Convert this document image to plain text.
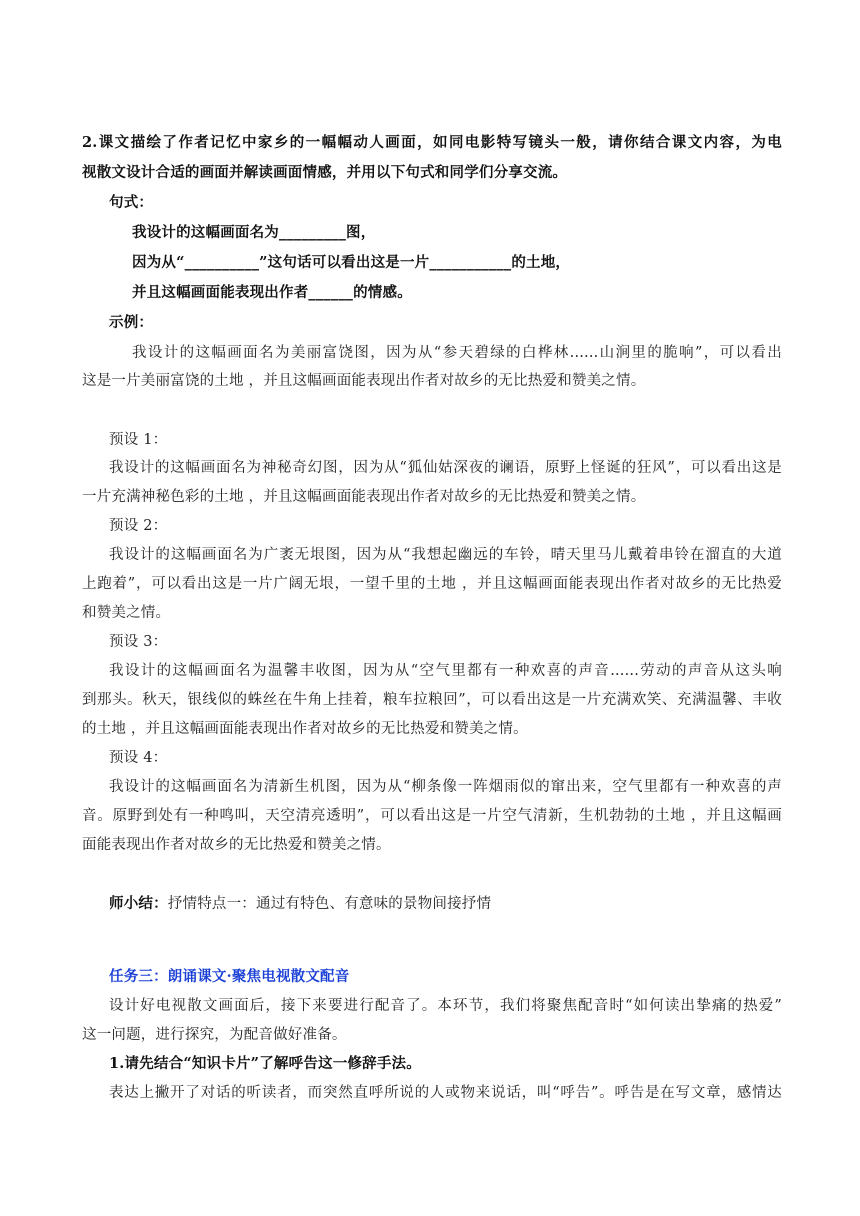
2.课文描绘了作者记忆中家乡的一幅幅动人画面，如同电影特写镜头一般，请你结合课文内容，为电
视散文设计合适的画面并解读画面情感，并用以下句式和同学们分享交流。
句式：
我设计的这幅画面名为_________图，
因为从“__________”这句话可以看出这是一片___________的土地，
并且这幅画面能表现出作者______的情感。
示例：
我设计的这幅画面名为美丽富饶图，因为从“参天碧绿的白桦林......山涧里的脆响”，可以看出
这是一片美丽富饶的土地 ，并且这幅画面能表现出作者对故乡的无比热爱和赞美之情。
预设 1：
我设计的这幅画面名为神秘奇幻图，因为从“狐仙姑深夜的谰语，原野上怪诞的狂风”，可以看出这是
一片充满神秘色彩的土地 ，并且这幅画面能表现出作者对故乡的无比热爱和赞美之情。
预设 2：
我设计的这幅画面名为广袤无垠图，因为从“我想起幽远的车铃，晴天里马儿戴着串铃在溜直的大道
上跑着”，可以看出这是一片广阔无垠，一望千里的土地 ，并且这幅画面能表现出作者对故乡的无比热爱
和赞美之情。
预设 3：
我设计的这幅画面名为温馨丰收图，因为从“空气里都有一种欢喜的声音......劳动的声音从这头响
到那头。秋天，银线似的蛛丝在牛角上挂着，粮车拉粮回”，可以看出这是一片充满欢笑、充满温馨、丰收
的土地 ，并且这幅画面能表现出作者对故乡的无比热爱和赞美之情。
预设 4：
我设计的这幅画面名为清新生机图，因为从“柳条像一阵烟雨似的窜出来，空气里都有一种欢喜的声
音。原野到处有一种鸣叫，天空清亮透明”，可以看出这是一片空气清新，生机勃勃的土地 ，并且这幅画
面能表现出作者对故乡的无比热爱和赞美之情。
师小结：抒情特点一：通过有特色、有意味的景物间接抒情
任务三：朗诵课文·聚焦电视散文配音
设计好电视散文画面后，接下来要进行配音了。本环节，我们将聚焦配音时“如何读出挚痛的热爱”
这一问题，进行探究，为配音做好准备。
1.请先结合“知识卡片”了解呼告这一修辞手法。
表达上撇开了对话的听读者，而突然直呼所说的人或物来说话，叫“呼告”。呼告是在写文章，感情达
